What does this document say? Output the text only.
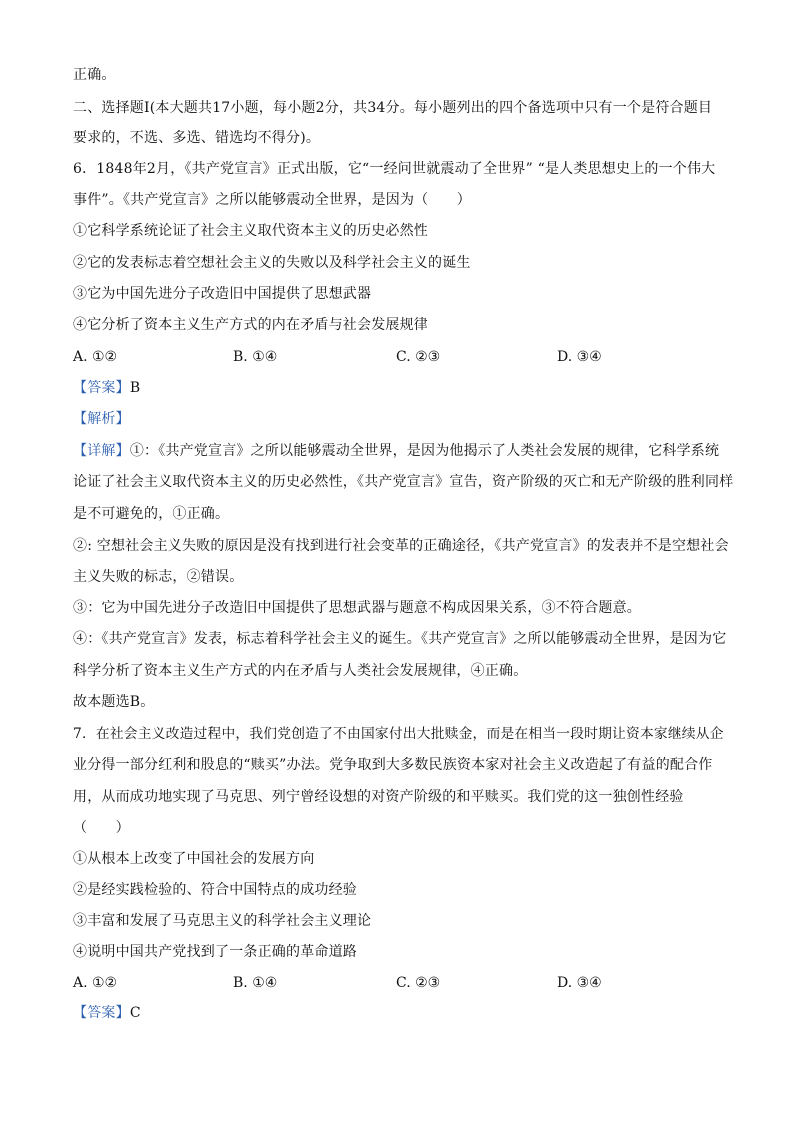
正确。
二、选择题Ⅰ(本大题共17小题，每小题2分，共34分。每小题列出的四个备选项中只有一个是符合题目
要求的，不选、多选、错选均不得分)。
6．1848年2月，《共产党宣言》正式出版，它“一经问世就震动了全世界” “是人类思想史上的一个伟大
事件”。《共产党宣言》之所以能够震动全世界，是因为（　　）
①它科学系统论证了社会主义取代资本主义的历史必然性
②它的发表标志着空想社会主义的失败以及科学社会主义的诞生
③它为中国先进分子改造旧中国提供了思想武器
④它分析了资本主义生产方式的内在矛盾与社会发展规律
A. ①②	B. ①④	C. ②③	D. ③④
【答案】B
【解析】
【详解】①：《共产党宣言》之所以能够震动全世界，是因为他揭示了人类社会发展的规律，它科学系统
论证了社会主义取代资本主义的历史必然性，《共产党宣言》宣告，资产阶级的灭亡和无产阶级的胜利同样
是不可避免的，①正确。
②: 空想社会主义失败的原因是没有找到进行社会变革的正确途径，《共产党宣言》的发表并不是空想社会
主义失败的标志，②错误。
③：它为中国先进分子改造旧中国提供了思想武器与题意不构成因果关系，③不符合题意。
④：《共产党宣言》发表，标志着科学社会主义的诞生。《共产党宣言》之所以能够震动全世界，是因为它
科学分析了资本主义生产方式的内在矛盾与人类社会发展规律，④正确。
故本题选B。
7．在社会主义改造过程中，我们党创造了不由国家付出大批赎金，而是在相当一段时期让资本家继续从企
业分得一部分红利和股息的“赎买”办法。党争取到大多数民族资本家对社会主义改造起了有益的配合作
用，从而成功地实现了马克思、列宁曾经设想的对资产阶级的和平赎买。我们党的这一独创性经验
（　　）
①从根本上改变了中国社会的发展方向
②是经实践检验的、符合中国特点的成功经验
③丰富和发展了马克思主义的科学社会主义理论
④说明中国共产党找到了一条正确的革命道路
A. ①②	B. ①④	C. ②③	D. ③④
【答案】C
